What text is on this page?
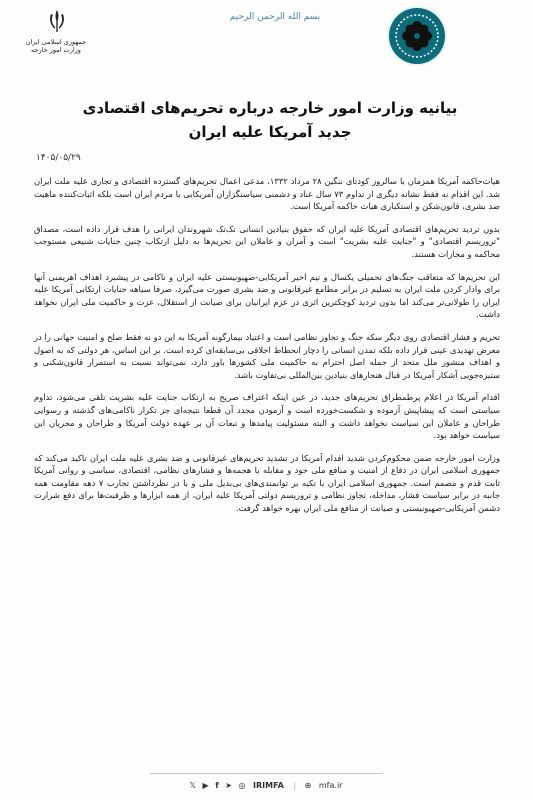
جمهوری اسلامی ایران
وزارت امور خارجه
بسم الله الرحمن الرحیم
بیانیه وزارت امور خارجه درباره تحریم‌های اقتصادی جدید آمریکا علیه ایران
۱۴۰۵/۰۵/۲۹

هیات‌حاکمه آمریکا همزمان با سالروز کودتای ننگین ۲۸ مرداد ۱۳۳۲، مدعی اعمال تحریم‌های گسترده اقتصادی و تجاری علیه ملت ایران شد. این اقدام نه فقط نشانه دیگری از تداوم ۷۳ سال عناد و دشمنی سیاستگزاران آمریکایی با مردم ایران است بلکه اثبات‌کننده ماهیت ضد بشری، قانون‌شکن و استکباری هیات حاکمه آمریکا است.

بدون تردید تحریم‌های اقتصادی آمریکا علیه ایران که حقوق بنیادین انسانی تک‌تک شهروندان ایرانی را هدف قرار داده است، مصداق "تروریسم اقتصادی" و "جنایت علیه بشریت" است و آمران و عاملان این تحریم‌ها به دلیل ارتکاب چنین جنایات شنیعی مستوجب محاکمه و مجازات هستند.

این تحریم‌ها که متعاقب جنگ‌های تحمیلی یکسال و نیم اخیر آمریکایی-صهیونیستی علیه ایران و ناکامی در پیشبرد اهداف اهریمنی آنها برای وادار کردن ملت ایران به تسلیم در برابر مطامع غیرقانونی و ضد بشری صورت می‌گیرد، صرفا سیاهه جنایات ارتکابی آمریکا علیه ایران را طولانی‌تر می‌کند اما بدون تردید کوچکترین اثری در عزم ایرانیان برای صیانت از استقلال، عزت و حاکمیت ملی ایران نخواهد داشت.

تحریم و فشار اقتصادی روی دیگر سکه جنگ و تجاوز نظامی است و اعتیاد بیمارگونه آمریکا به این دو نه فقط صلح و امنیت جهانی را در معرض تهدیدی عینی قرار داده بلکه تمدن انسانی را دچار انحطاط اخلاقی بی‌سابقه‌ای کرده است. بر این اساس، هر دولتی که به اصول و اهداف منشور ملل متحد از جمله اصل احترام به حاکمیت ملی کشورها باور دارد، نمی‌تواند نسبت به استمرار قانون‌شکنی و ستیزه‌جویی آشکار آمریکا در قبال هنجارهای بنیادین بین‌المللی بی‌تفاوت باشد.

اقدام آمریکا در اعلام پرطمطراق تحریم‌های جدید، در عین اینکه اعتراف صریح به ارتکاب جنایت علیه بشریت تلقی می‌شود، تداوم سیاستی است که پیشاپیش آزموده و شکست‌خورده است و آزمودن مجدد آن قطعا نتیجه‌ای جز تکرار ناکامی‌های گذشته و رسوایی طراحان و عاملان این سیاست نخواهد داشت و البته مسئولیت پیامدها و تبعات آن بر عهده دولت آمریکا و طراحان و مجریان این سیاست خواهد بود.

وزارت امور خارجه ضمن محکوم‌کردن شدید اقدام آمریکا در تشدید تحریم‌های غیرقانونی و ضد بشری علیه ملت ایران تاکید می‌کند که جمهوری اسلامی ایران در دفاع از امنیت و منافع ملی خود و مقابله با هجمه‌ها و فشارهای نظامی، اقتصادی، سیاسی و روانی آمریکا ثابت قدم و مصمم است. جمهوری اسلامی ایران با تکیه بر توانمندی‌های بی‌بدیل ملی و با در نظرداشتن تجارب ۷ دهه مقاومت همه جانبه در برابر سیاست فشار، مداخله، تجاوز نظامی و تروریسم دولتی آمریکا علیه ایران، از همه ابزارها و ظرفیت‌ها برای دفع شرارت دشمن آمریکایی-صهیونیستی و صیانت از منافع ملی ایران بهره خواهد گرفت.

𝕏 ▶ f ➤ ◎ IRIMFA | ⊕ mfa.ir
